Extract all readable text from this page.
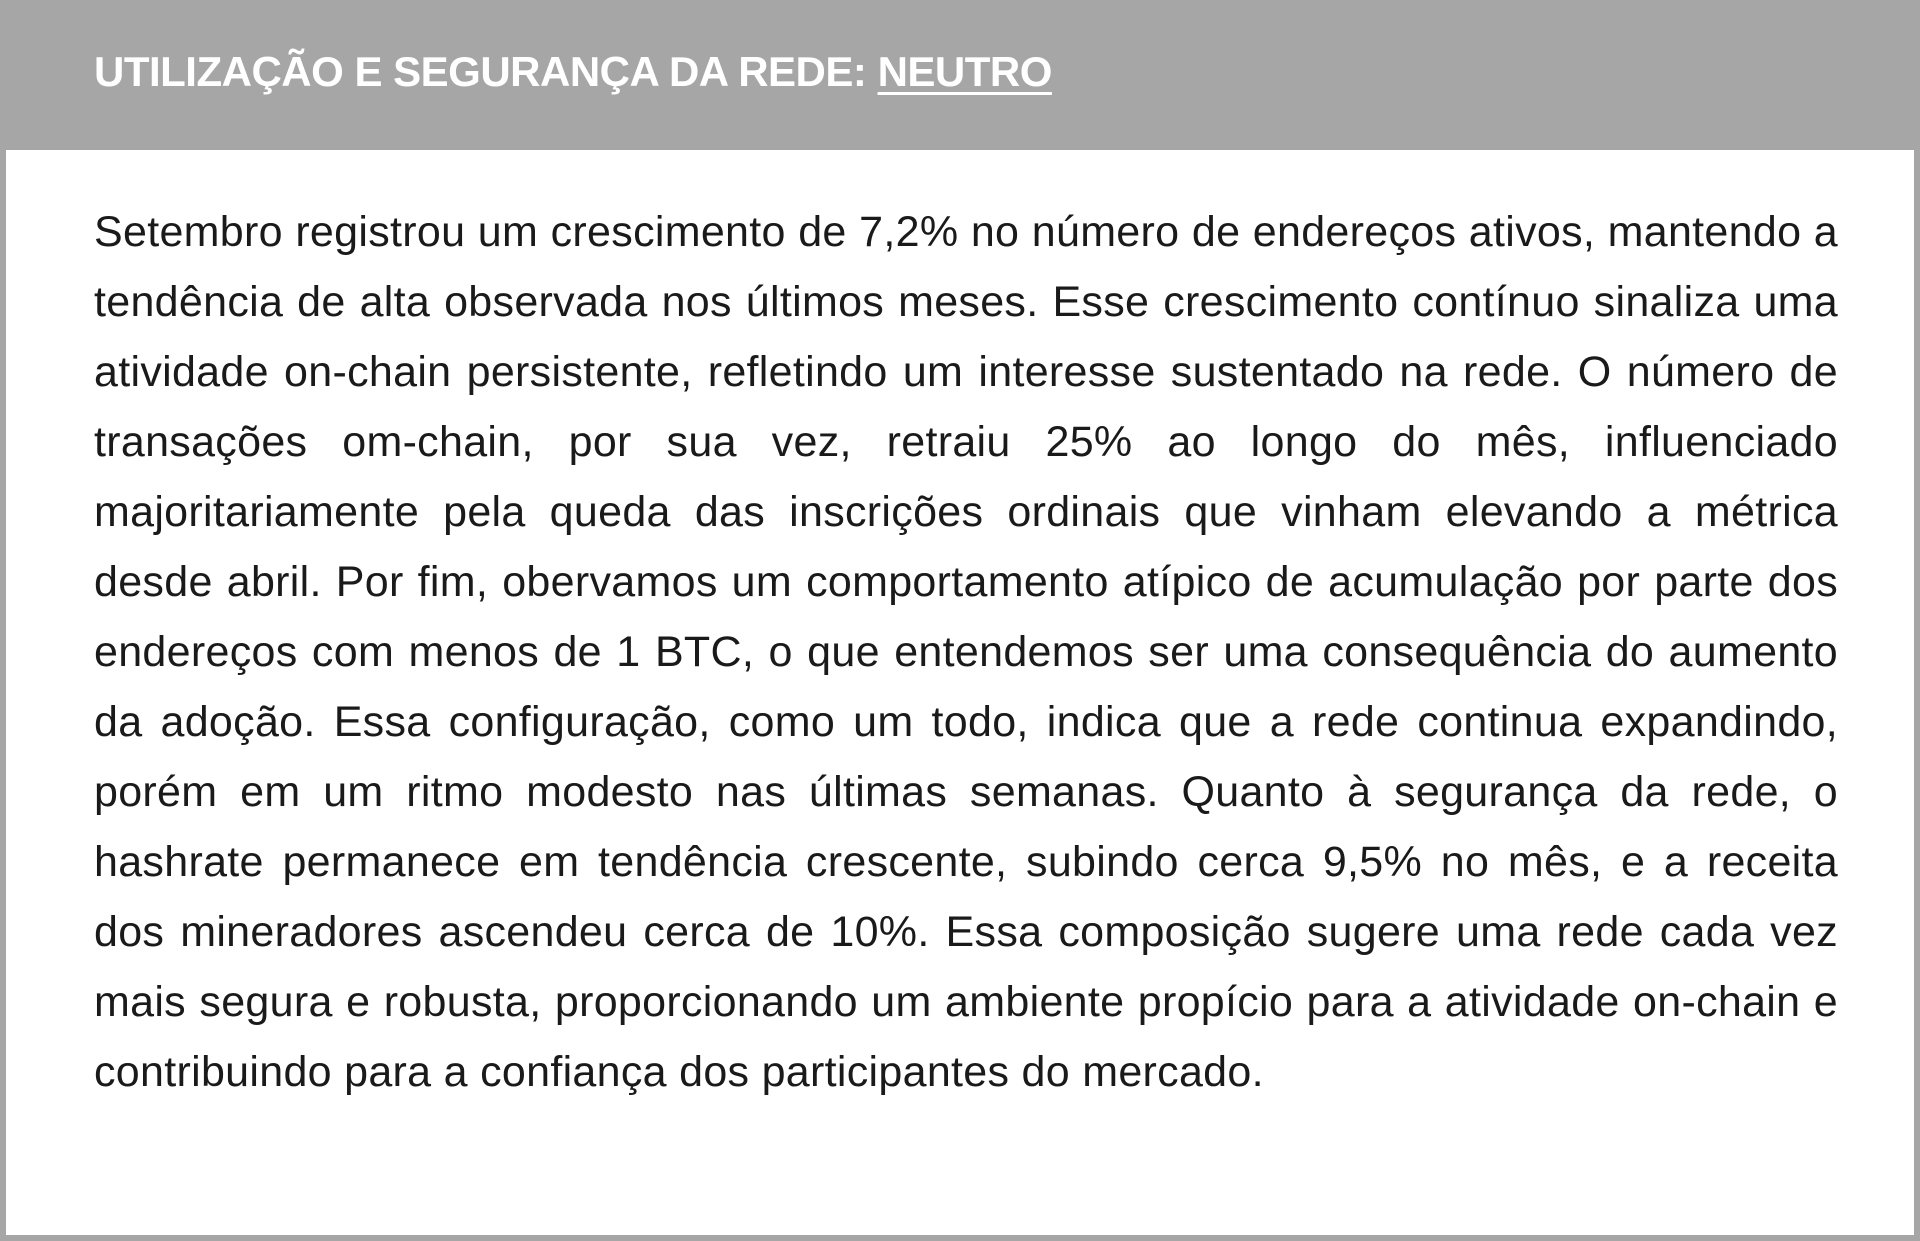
UTILIZAÇÃO E SEGURANÇA DA REDE: NEUTRO

Setembro registrou um crescimento de 7,2% no número de endereços ativos, mantendo a tendência de alta observada nos últimos meses. Esse crescimento contínuo sinaliza uma atividade on-chain persistente, refletindo um interesse sustentado na rede. O número de transações om-chain, por sua vez, retraiu 25% ao longo do mês, influenciado majoritariamente pela queda das inscrições ordinais que vinham elevando a métrica desde abril. Por fim, obervamos um comportamento atípico de acumulação por parte dos endereços com menos de 1 BTC, o que entendemos ser uma consequência do aumento da adoção. Essa configuração, como um todo, indica que a rede continua expandindo, porém em um ritmo modesto nas últimas semanas. Quanto à segurança da rede, o hashrate permanece em tendência crescente, subindo cerca 9,5% no mês, e a receita dos mineradores ascendeu cerca de 10%. Essa composição sugere uma rede cada vez mais segura e robusta, proporcionando um ambiente propício para a atividade on-chain e contribuindo para a confiança dos participantes do mercado.
